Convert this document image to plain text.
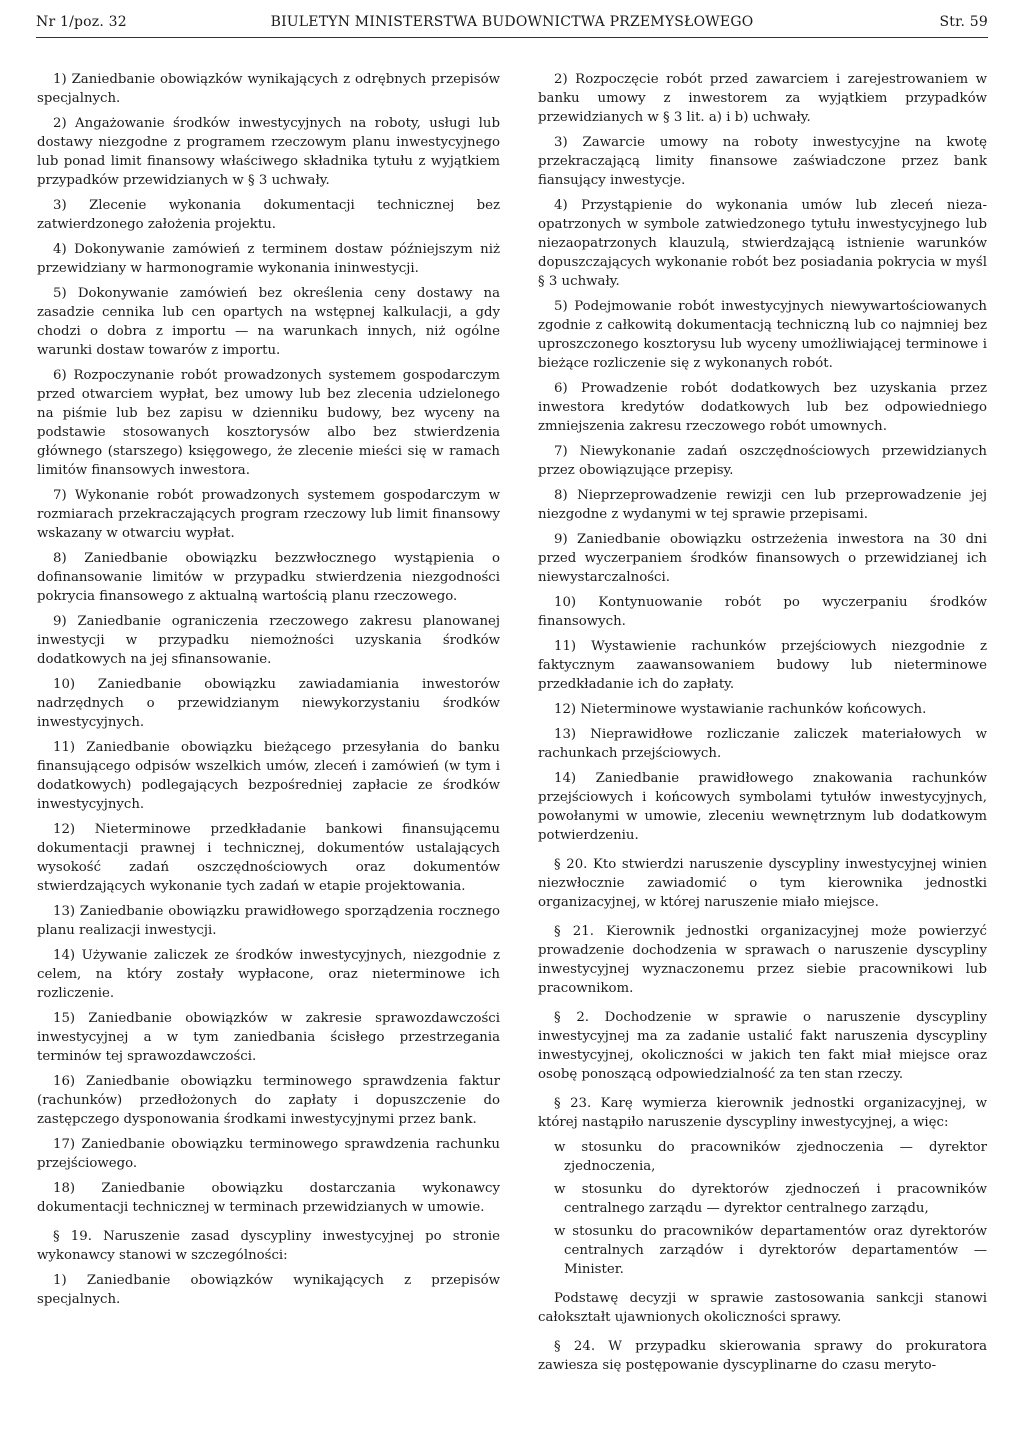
BIULETYN MINISTERSTWA BUDOWNICTWA PRZEMYSŁOWEGO
Nr 1/poz. 32	Str. 59

1) Zaniedbanie obowiązków wynikających z odrębnych przepisów specjalnych.

2) Angażowanie środków inwestycyjnych na roboty, usługi lub dostawy niezgodne z programem rzeczowym planu inwestycyjnego lub ponad limit finansowy właściwego składnika tytułu z wyjątkiem przypadków przewidzianych w § 3 uchwały.

3) Zlecenie wykonania dokumentacji technicznej bez zatwierdzonego założenia projektu.

4) Dokonywanie zamówień z terminem dostaw późniejszym niż przewidziany w harmonogramie wykonania ininwestycji.

5) Dokonywanie zamówień bez określenia ceny dostawy na zasadzie cennika lub cen opartych na wstępnej kalkulacji, a gdy chodzi o dobra z importu — na warunkach innych, niż ogólne warunki dostaw towarów z importu.

6) Rozpoczynanie robót prowadzonych systemem gospodarczym przed otwarciem wypłat, bez umowy lub bez zlecenia udzielonego na piśmie lub bez zapisu w dzienniku budowy, bez wyceny na podstawie stosowanych kosztorysów albo bez stwierdzenia głównego (starszego) księgowego, że zlecenie mieści się w ramach limitów finansowych inwestora.

7) Wykonanie robót prowadzonych systemem gospodarczym w rozmiarach przekraczających program rzeczowy lub limit finansowy wskazany w otwarciu wypłat.

8) Zaniedbanie obowiązku bezzwłocznego wystąpienia o dofinansowanie limitów w przypadku stwierdzenia niezgodności pokrycia finansowego z aktualną wartością planu rzeczowego.

9) Zaniedbanie ograniczenia rzeczowego zakresu planowanej inwestycji w przypadku niemożności uzyskania środków dodatkowych na jej sfinansowanie.

10) Zaniedbanie obowiązku zawiadamiania inwestorów nadrzędnych o przewidzianym niewykorzystaniu środków inwestycyjnych.

11) Zaniedbanie obowiązku bieżącego przesyłania do banku finansującego odpisów wszelkich umów, zleceń i zamówień (w tym i dodatkowych) podlegających bezpośredniej zapłacie ze środków inwestycyjnych.

12) Nieterminowe przedkładanie bankowi finansującemu dokumentacji prawnej i technicznej, dokumentów ustalających wysokość zadań oszczędnościowych oraz dokumentów stwierdzających wykonanie tych zadań w etapie projektowania.

13) Zaniedbanie obowiązku prawidłowego sporządzenia rocznego planu realizacji inwestycji.

14) Używanie zaliczek ze środków inwestycyjnych, niezgodnie z celem, na który zostały wypłacone, oraz nieterminowe ich rozliczenie.

15) Zaniedbanie obowiązków w zakresie sprawozdawczości inwestycyjnej a w tym zaniedbania ścisłego przestrzegania terminów tej sprawozdawczości.

16) Zaniedbanie obowiązku terminowego sprawdzenia faktur (rachunków) przedłożonych do zapłaty i dopuszczenie do zastępczego dysponowania środkami inwestycyjnymi przez bank.

17) Zaniedbanie obowiązku terminowego sprawdzenia rachunku przejściowego.

18) Zaniedbanie obowiązku dostarczania wykonawcy dokumentacji technicznej w terminach przewidzianych w umowie.

§ 19. Naruszenie zasad dyscypliny inwestycyjnej po stronie wykonawcy stanowi w szczególności:

1) Zaniedbanie obowiązków wynikających z przepisów specjalnych.

2) Rozpoczęcie robót przed zawarciem i zarejestrowaniem w banku umowy z inwestorem za wyjątkiem przypadków przewidzianych w § 3 lit. a) i b) uchwały.

3) Zawarcie umowy na roboty inwestycyjne na kwotę przekraczającą limity finansowe zaświadczone przez bank fiansujący inwestycje.

4) Przystąpienie do wykonania umów lub zleceń nieza-opatrzonych w symbole zatwiedzonego tytułu inwestycyjnego lub niezaopatrzonych klauzulą, stwierdzającą istnienie warunków dopuszczających wykonanie robót bez posiadania pokrycia w myśl § 3 uchwały.

5) Podejmowanie robót inwestycyjnych niewywartościowanych zgodnie z całkowitą dokumentacją techniczną lub co najmniej bez uproszczonego kosztorysu lub wyceny umożliwiającej terminowe i bieżące rozliczenie się z wykonanych robót.

6) Prowadzenie robót dodatkowych bez uzyskania przez inwestora kredytów dodatkowych lub bez odpowiedniego zmniejszenia zakresu rzeczowego robót umownych.

7) Niewykonanie zadań oszczędnościowych przewidzianych przez obowiązujące przepisy.

8) Nieprzeprowadzenie rewizji cen lub przeprowadzenie jej niezgodne z wydanymi w tej sprawie przepisami.

9) Zaniedbanie obowiązku ostrzeżenia inwestora na 30 dni przed wyczerpaniem środków finansowych o przewidzianej ich niewystarczalności.

10) Kontynuowanie robót po wyczerpaniu środków finansowych.

11) Wystawienie rachunków przejściowych niezgodnie z faktycznym zaawansowaniem budowy lub nieterminowe przedkładanie ich do zapłaty.

12) Nieterminowe wystawianie rachunków końcowych.

13) Nieprawidłowe rozliczanie zaliczek materiałowych w rachunkach przejściowych.

14) Zaniedbanie prawidłowego znakowania rachunków przejściowych i końcowych symbolami tytułów inwestycyjnych, powołanymi w umowie, zleceniu wewnętrznym lub dodatkowym potwierdzeniu.

§ 20. Kto stwierdzi naruszenie dyscypliny inwestycyjnej winien niezwłocznie zawiadomić o tym kierownika jednostki organizacyjnej, w której naruszenie miało miejsce.

§ 21. Kierownik jednostki organizacyjnej może powierzyć prowadzenie dochodzenia w sprawach o naruszenie dyscypliny inwestycyjnej wyznaczonemu przez siebie pracownikowi lub pracownikom.

§ 2. Dochodzenie w sprawie o naruszenie dyscypliny inwestycyjnej ma za zadanie ustalić fakt naruszenia dyscypliny inwestycyjnej, okoliczności w jakich ten fakt miał miejsce oraz osobę ponoszącą odpowiedzialność za ten stan rzeczy.

§ 23. Karę wymierza kierownik jednostki organizacyjnej, w której nastąpiło naruszenie dyscypliny inwestycyjnej, a więc:

w stosunku do pracowników zjednoczenia — dyrektor zjednoczenia,

w stosunku do dyrektorów zjednoczeń i pracowników centralnego zarządu — dyrektor centralnego zarządu,

w stosunku do pracowników departamentów oraz dyrektorów centralnych zarządów i dyrektorów departamentów — Minister.

Podstawę decyzji w sprawie zastosowania sankcji stanowi całokształt ujawnionych okoliczności sprawy.

§ 24. W przypadku skierowania sprawy do prokuratora zawiesza się postępowanie dyscyplinarne do czasu meryto-
